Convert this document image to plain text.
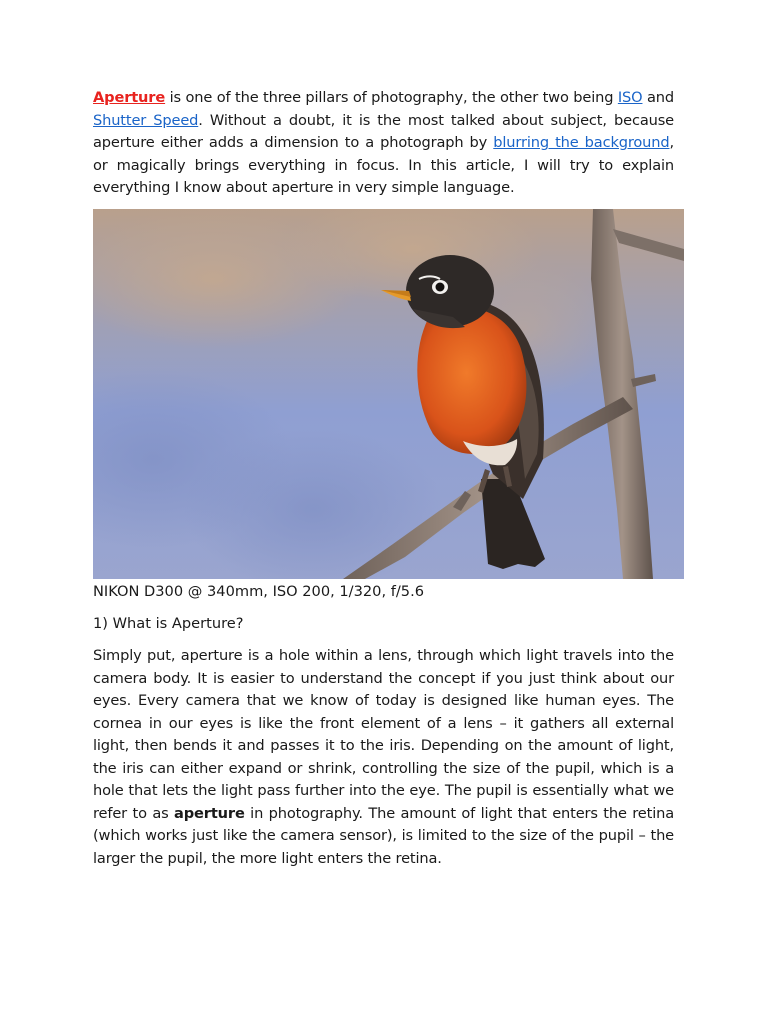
Aperture is one of the three pillars of photography, the other two being ISO and Shutter Speed. Without a doubt, it is the most talked about subject, because aperture either adds a dimension to a photograph by blurring the background, or magically brings everything in focus. In this article, I will try to explain everything I know about aperture in very simple language.

NIKON D300 @ 340mm, ISO 200, 1/320, f/5.6
1) What is Aperture?

Simply put, aperture is a hole within a lens, through which light travels into the camera body. It is easier to understand the concept if you just think about our eyes. Every camera that we know of today is designed like human eyes. The cornea in our eyes is like the front element of a lens – it gathers all external light, then bends it and passes it to the iris. Depending on the amount of light, the iris can either expand or shrink, controlling the size of the pupil, which is a hole that lets the light pass further into the eye. The pupil is essentially what we refer to as aperture in photography. The amount of light that enters the retina (which works just like the camera sensor), is limited to the size of the pupil – the larger the pupil, the more light enters the retina.
